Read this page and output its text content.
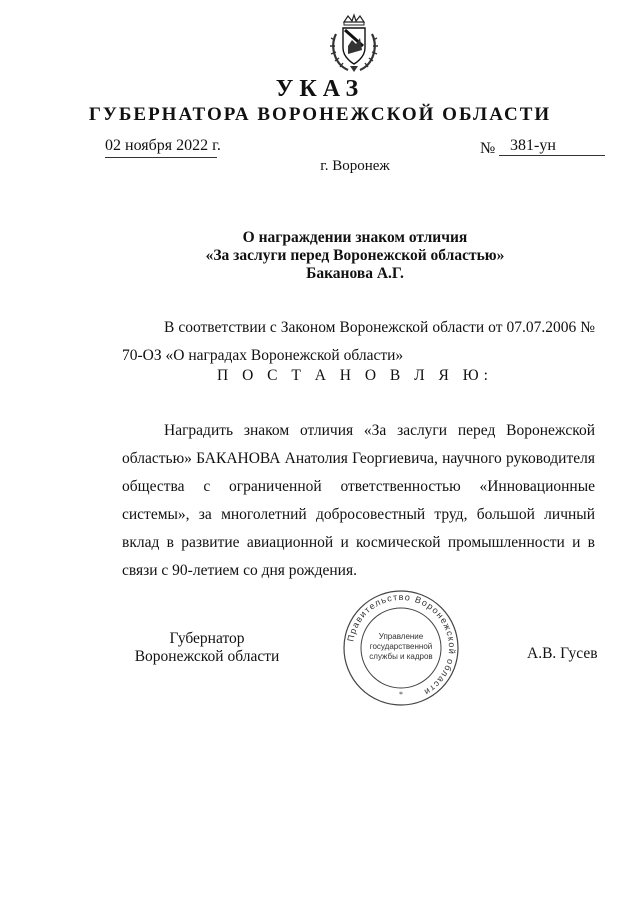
УКАЗ
ГУБЕРНАТОРА ВОРОНЕЖСКОЙ ОБЛАСТИ
02 ноября 2022 г.	№ 381-ун
г. Воронеж
О награждении знаком отличия
«За заслуги перед Воронежской областью»
Баканова А.Г.
В соответствии с Законом Воронежской области от 07.07.2006 № 70-ОЗ «О наградах Воронежской области»
П О С Т А Н О В Л Я Ю:
Наградить знаком отличия «За заслуги перед Воронежской областью» БАКАНОВА Анатолия Георгиевича, научного руководителя общества с ограниченной ответственностью «Инновационные системы», за многолетний добросовестный труд, большой личный вклад в развитие авиационной и космической промышленности и в связи с 90-летием со дня рождения.
Губернатор
Воронежской области	А.В. Гусев
Правительство Воронежской области
Управление
государственной
службы и кадров
*
